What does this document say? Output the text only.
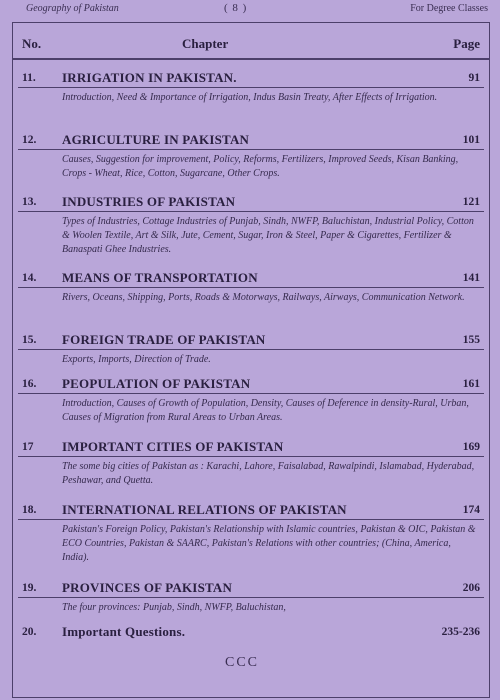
Geography of Pakistan	( 8 )	For Degree Classes
No.	Chapter	Page
11. IRRIGATION IN PAKISTAN.	91
Introduction, Need & Importance of Irrigation, Indus Basin Treaty, After Effects of Irrigation.
12. AGRICULTURE IN PAKISTAN	101
Causes, Suggestion for improvement, Policy, Reforms, Fertilizers, Improved Seeds, Kisan Banking, Crops - Wheat, Rice, Cotton, Sugarcane, Other Crops.
13. INDUSTRIES OF PAKISTAN	121
Types of Industries, Cottage Industries of Punjab, Sindh, NWFP, Baluchistan, Industrial Policy, Cotton & Woolen Textile, Art & Silk, Jute, Cement, Sugar, Iron & Steel, Paper & Cigarettes, Fertilizer & Banaspati Ghee Industries.
14. MEANS OF TRANSPORTATION	141
Rivers, Oceans, Shipping, Ports, Roads & Motorways, Railways, Airways, Communication Network.
15. FOREIGN TRADE OF PAKISTAN	155
Exports, Imports, Direction of Trade.
16. PEOPULATION OF PAKISTAN	161
Introduction, Causes of Growth of Population, Density, Causes of Deference in density-Rural, Urban, Causes of Migration from Rural Areas to Urban Areas.
17 IMPORTANT CITIES OF PAKISTAN	169
The some big cities of Pakistan as : Karachi, Lahore, Faisalabad, Rawalpindi, Islamabad, Hyderabad, Peshawar, and Quetta.
18. INTERNATIONAL RELATIONS OF PAKISTAN	174
Pakistan's Foreign Policy, Pakistan's Relationship with Islamic countries, Pakistan & OIC, Pakistan & ECO Countries, Pakistan & SAARC, Pakistan's Relations with other countries; (China, America, India).
19. PROVINCES OF PAKISTAN	206
The four provinces: Punjab, Sindh, NWFP, Baluchistan,
20. Important Questions.	235-236
CCC
